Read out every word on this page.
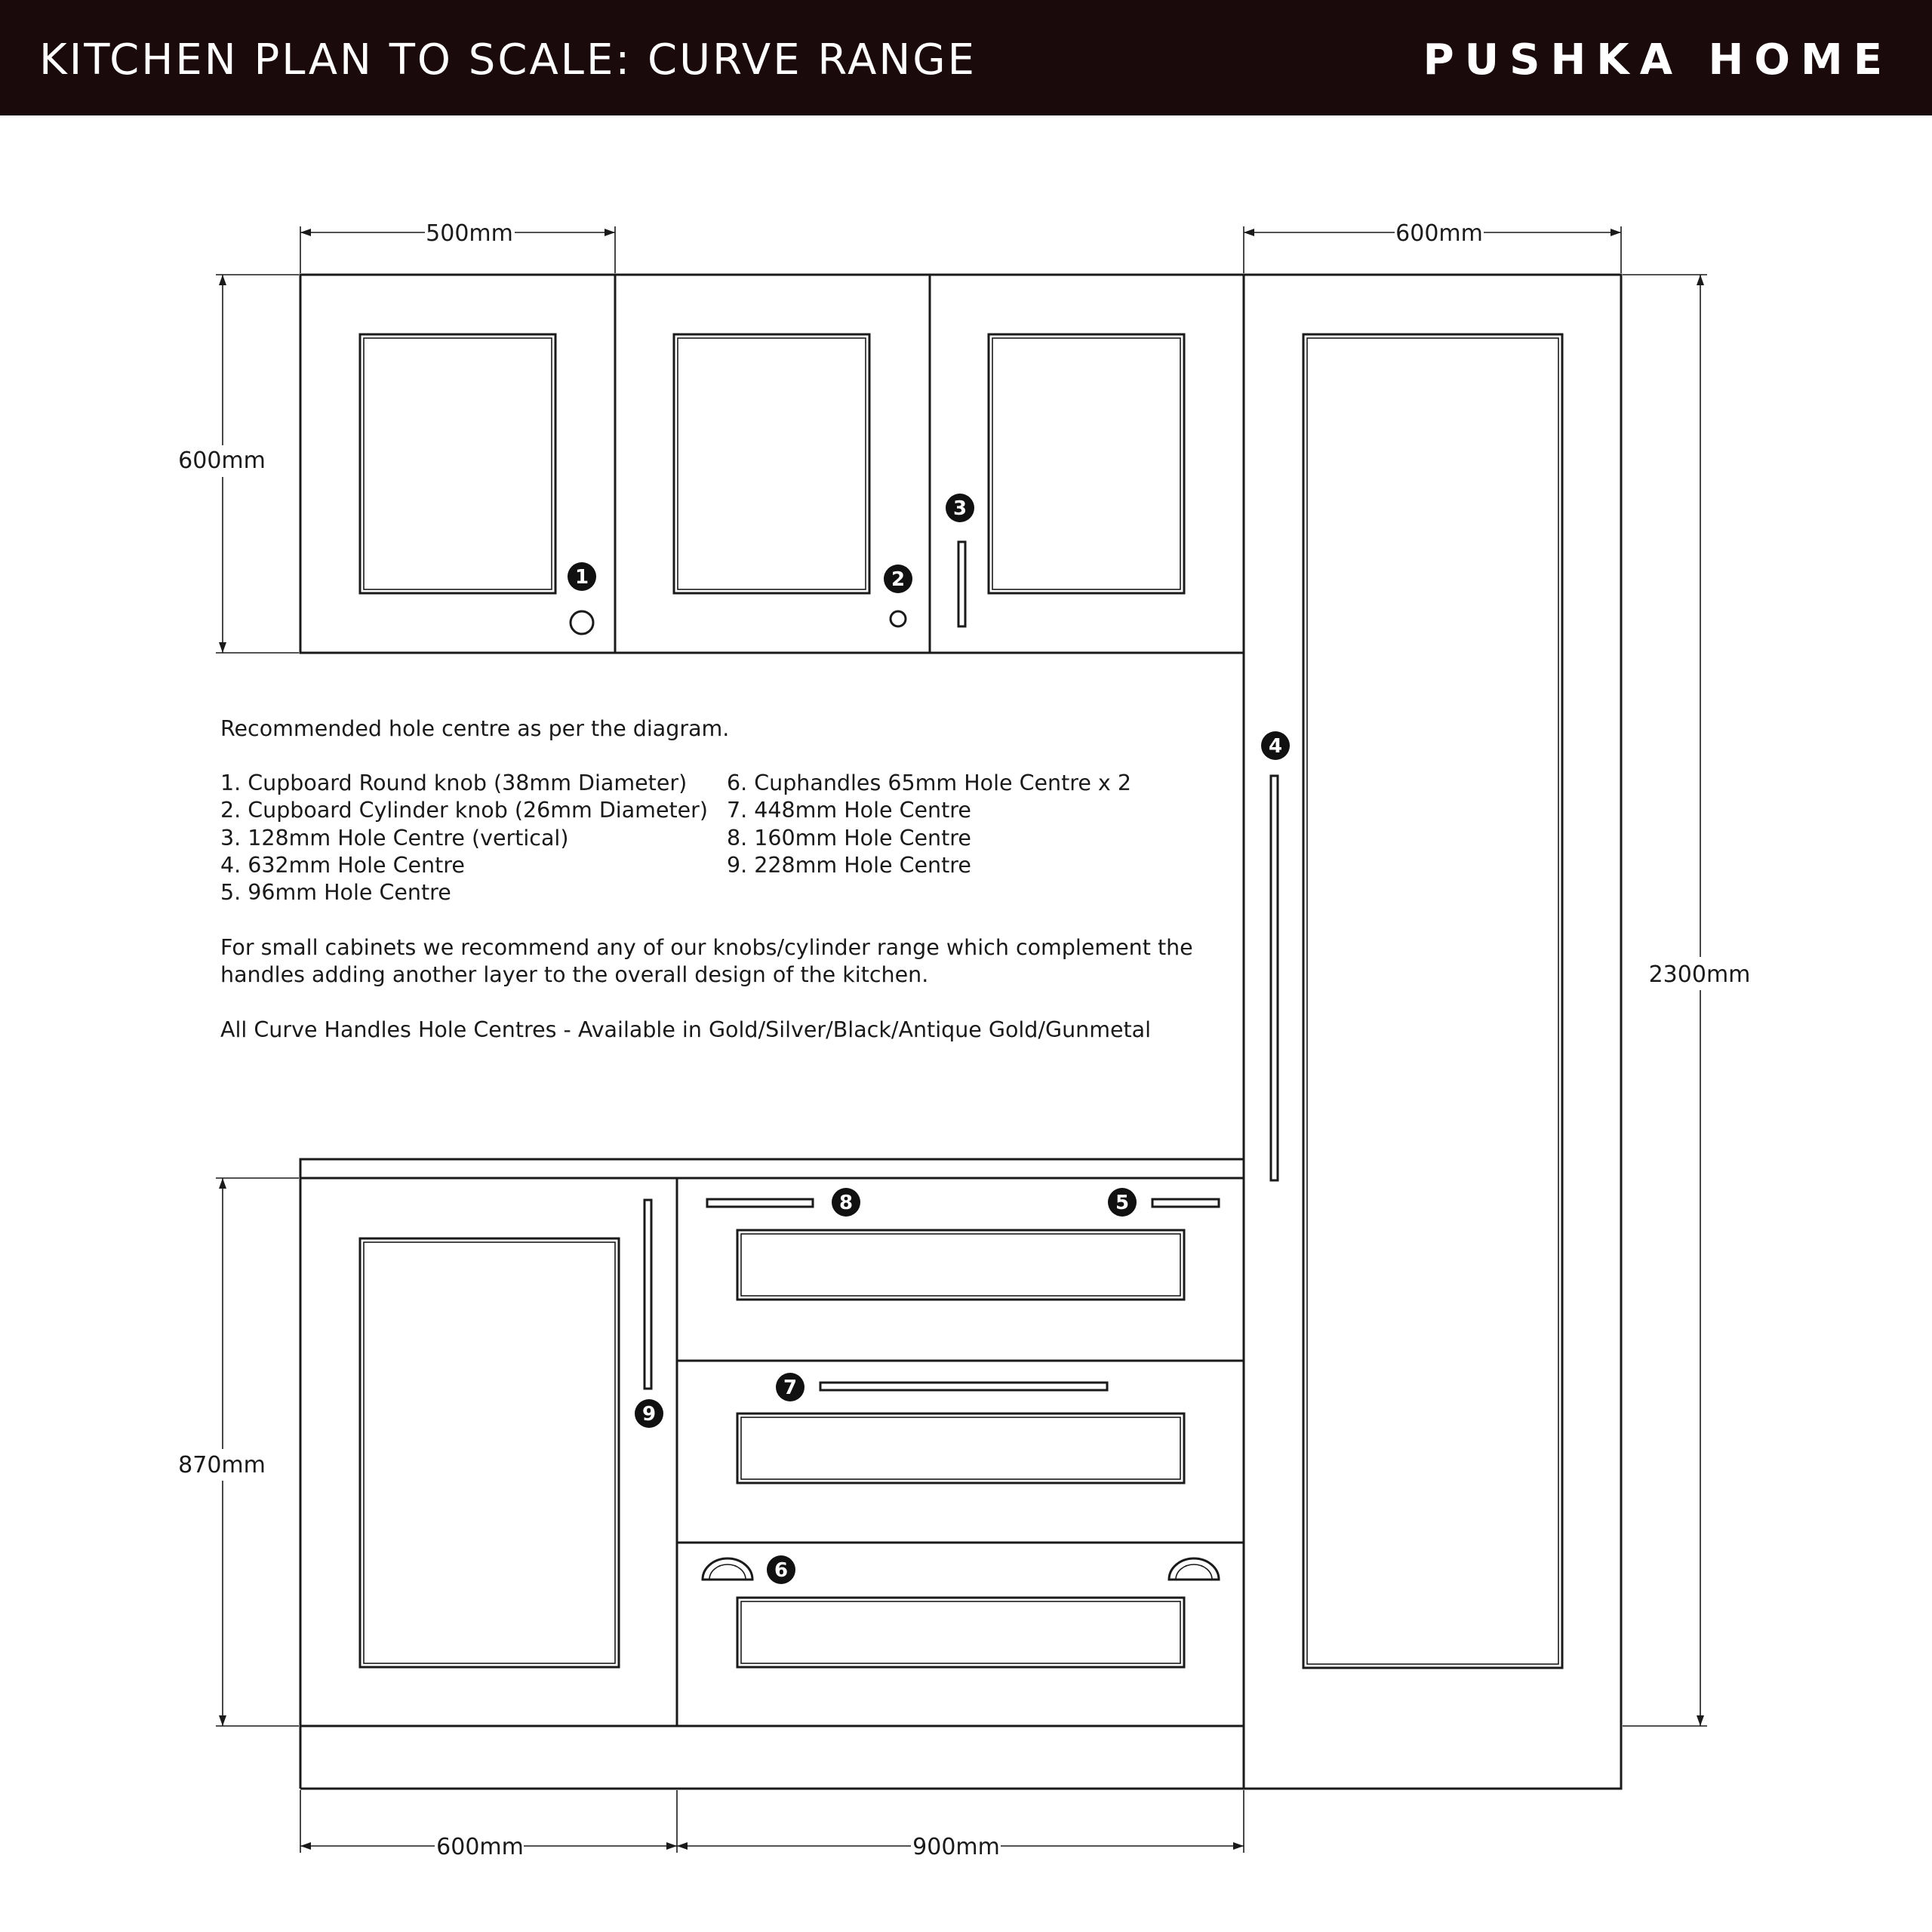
KITCHEN PLAN TO SCALE: CURVE RANGE	PUSHKA HOME
500mm	600mm
600mm
2300mm
870mm
600mm	900mm
1	2
3
4
5
6
7
8
9
Recommended hole centre as per the diagram.
1. Cupboard Round knob (38mm Diameter)
2. Cupboard Cylinder knob (26mm Diameter)
3. 128mm Hole Centre (vertical)
4. 632mm Hole Centre
5. 96mm Hole Centre
6. Cuphandles 65mm Hole Centre x 2
7. 448mm Hole Centre
8. 160mm Hole Centre
9. 228mm Hole Centre
For small cabinets we recommend any of our knobs/cylinder range which complement the
handles adding another layer to the overall design of the kitchen.
All Curve Handles Hole Centres - Available in Gold/Silver/Black/Antique Gold/Gunmetal
